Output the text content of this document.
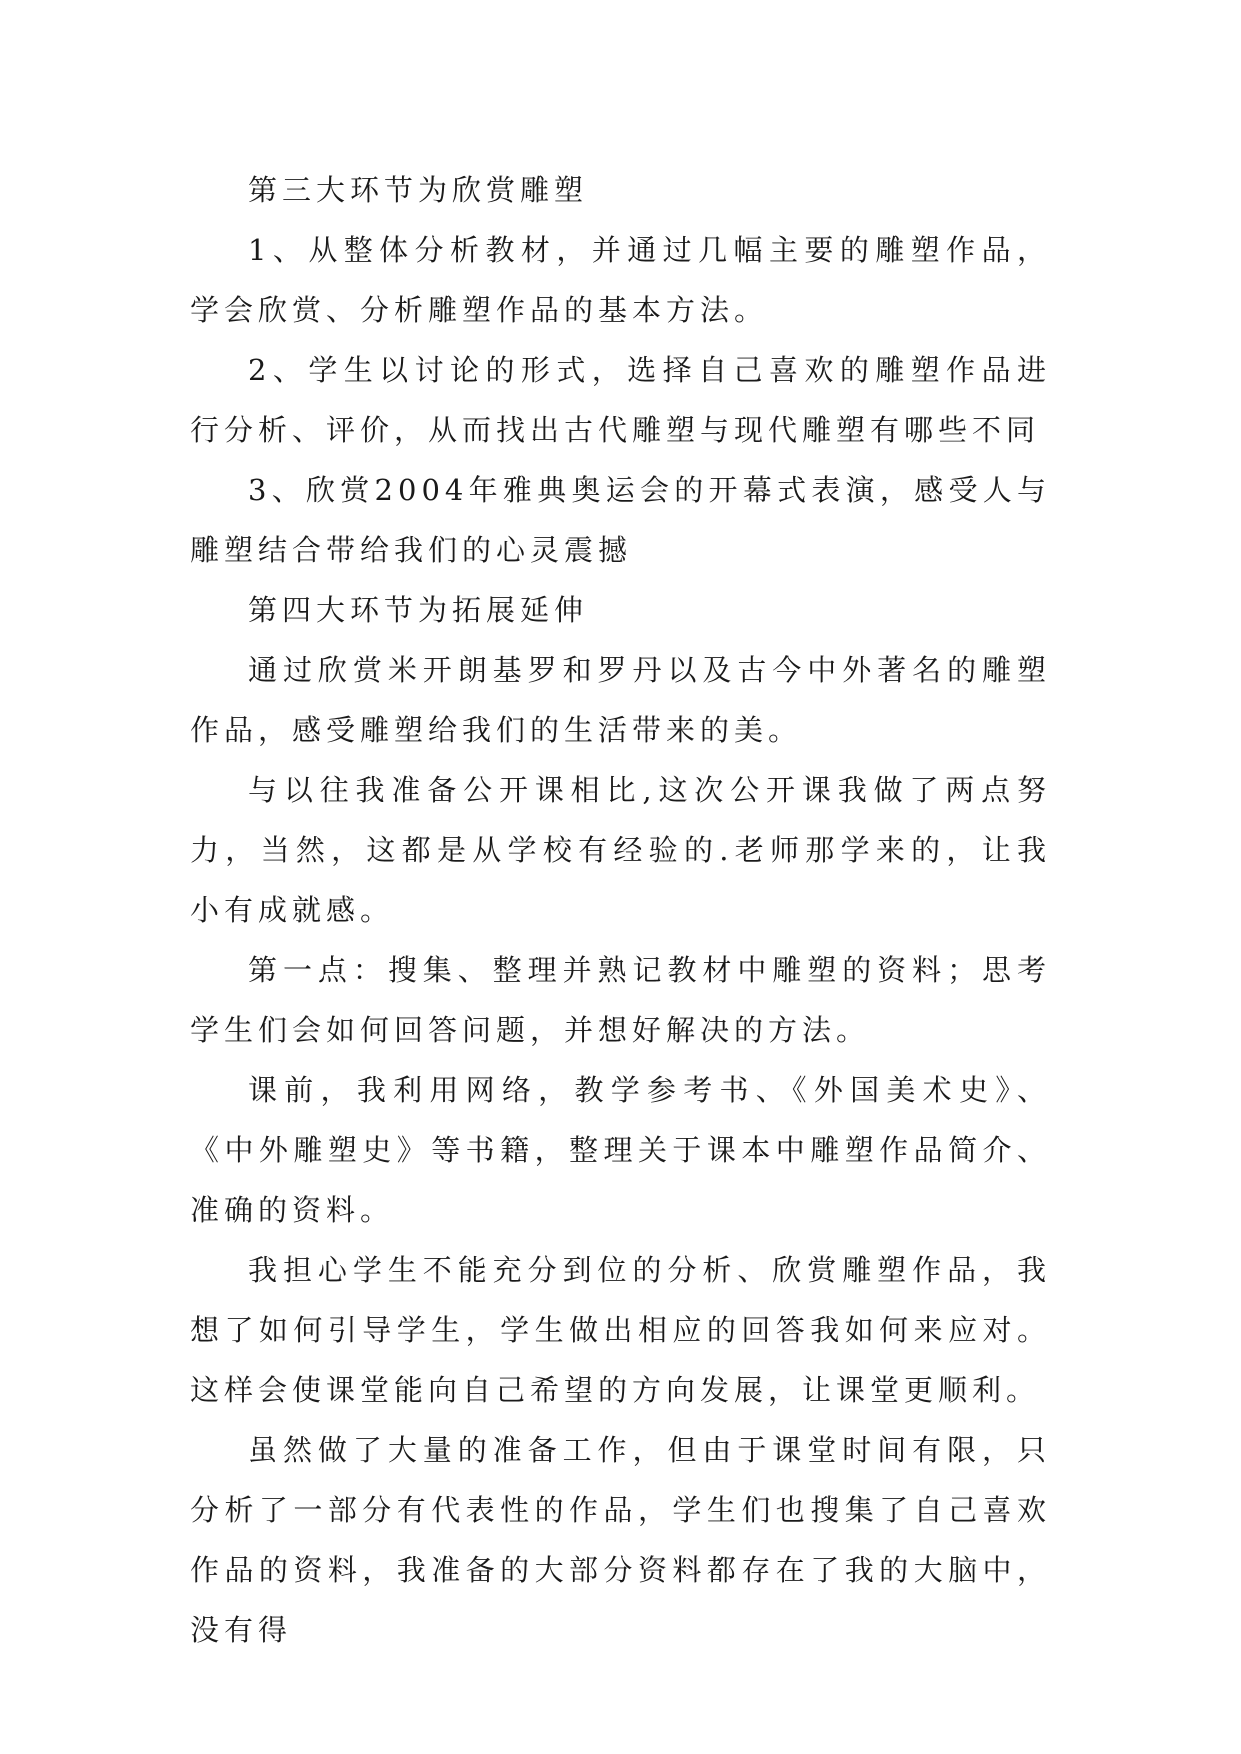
第三大环节为欣赏雕塑

1、从整体分析教材，并通过几幅主要的雕塑作品，学会欣赏、分析雕塑作品的基本方法。

2、学生以讨论的形式，选择自己喜欢的雕塑作品进行分析、评价，从而找出古代雕塑与现代雕塑有哪些不同

3、欣赏2004年雅典奥运会的开幕式表演，感受人与雕塑结合带给我们的心灵震撼

第四大环节为拓展延伸

通过欣赏米开朗基罗和罗丹以及古今中外著名的雕塑作品，感受雕塑给我们的生活带来的美。

与以往我准备公开课相比,这次公开课我做了两点努力，当然，这都是从学校有经验的.老师那学来的，让我小有成就感。

第一点：搜集、整理并熟记教材中雕塑的资料；思考学生们会如何回答问题，并想好解决的方法。

课前，我利用网络，教学参考书、《外国美术史》、《中外雕塑史》等书籍，整理关于课本中雕塑作品简介、准确的资料。

我担心学生不能充分到位的分析、欣赏雕塑作品，我想了如何引导学生，学生做出相应的回答我如何来应对。这样会使课堂能向自己希望的方向发展，让课堂更顺利。

虽然做了大量的准备工作，但由于课堂时间有限，只分析了一部分有代表性的作品，学生们也搜集了自己喜欢作品的资料，我准备的大部分资料都存在了我的大脑中，没有得
